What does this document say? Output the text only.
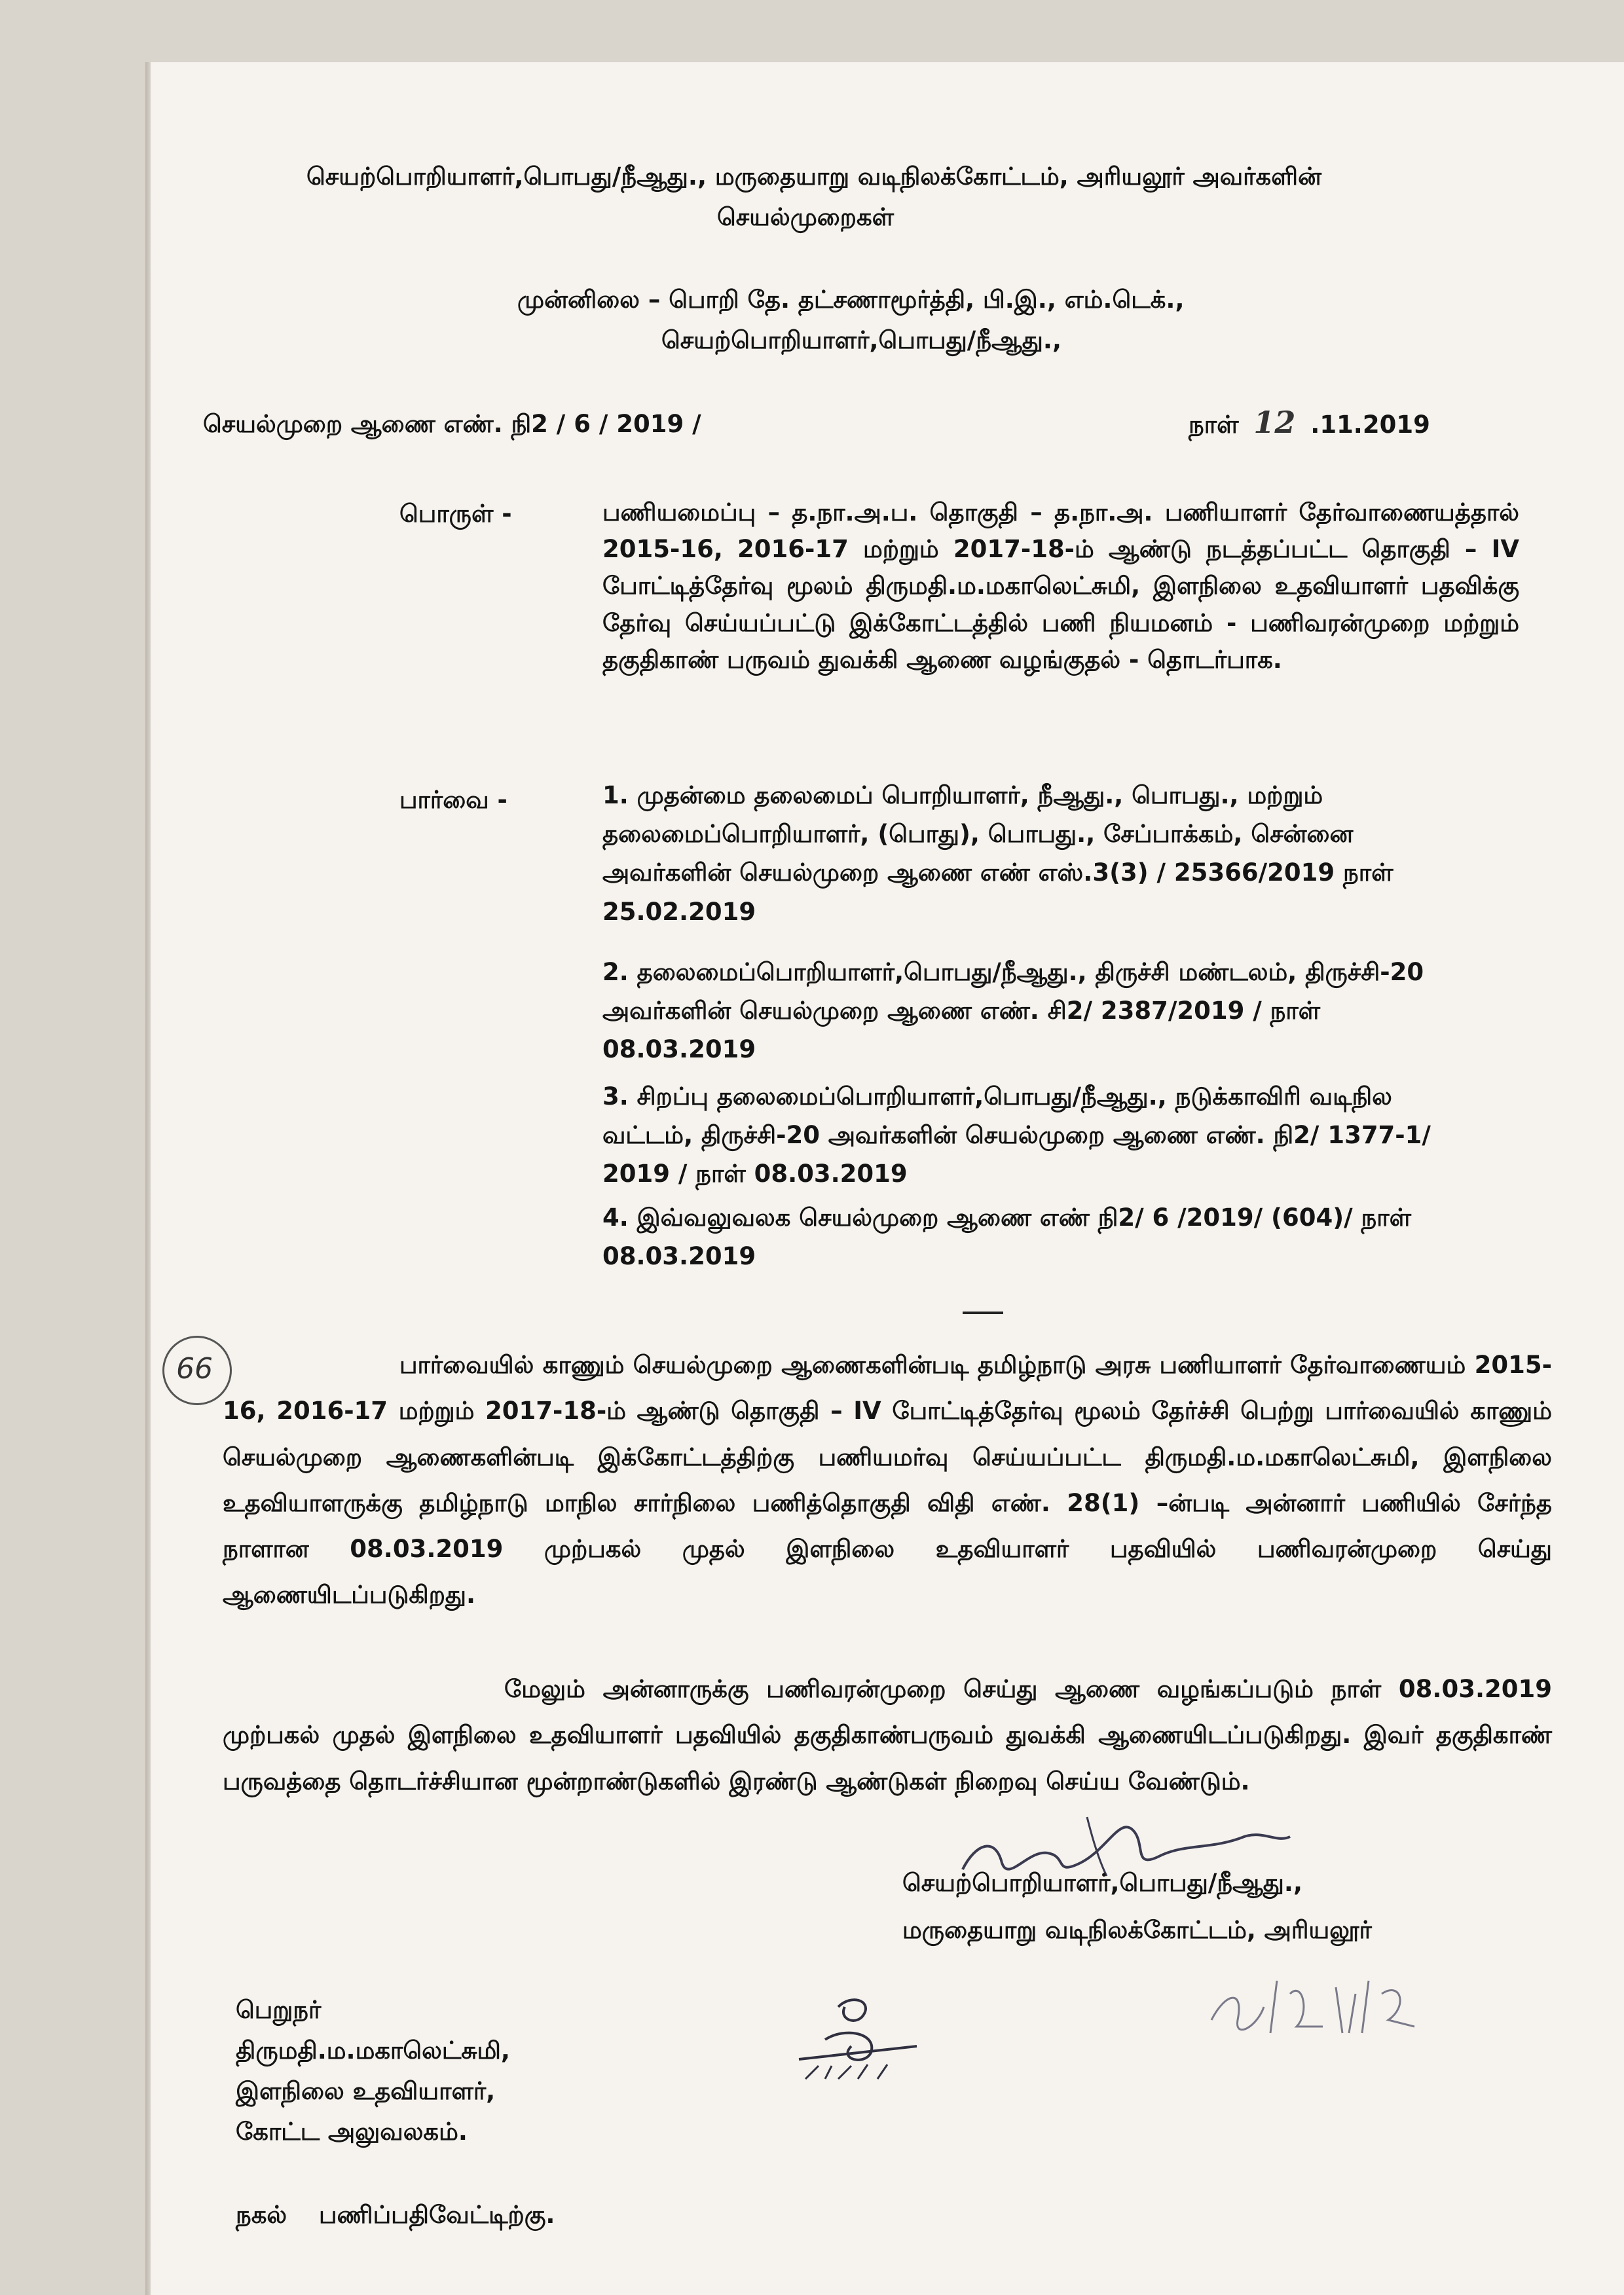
செயற்பொறியாளர்,பொபது/நீஆது., மருதையாறு வடிநிலக்கோட்டம், அரியலூர் அவர்களின்
செயல்முறைகள்
முன்னிலை – பொறி தே. தட்சணாமூர்த்தி, பி.இ., எம்.டெக்.,
செயற்பொறியாளர்,பொபது/நீஆது.,
செயல்முறை ஆணை எண். நி2 / 6 / 2019 /	நாள் 12 .11.2019
பொருள் -	பணியமைப்பு – த.நா.அ.ப. தொகுதி – த.நா.அ. பணியாளர் தேர்வாணையத்தால் 2015-16, 2016-17 மற்றும் 2017-18-ம் ஆண்டு நடத்தப்பட்ட தொகுதி – IV போட்டித்தேர்வு மூலம் திருமதி.ம.மகாலெட்சுமி, இளநிலை உதவியாளர் பதவிக்கு தேர்வு செய்யப்பட்டு இக்கோட்டத்தில் பணி நியமனம் - பணிவரன்முறை மற்றும் தகுதிகாண் பருவம் துவக்கி ஆணை வழங்குதல் - தொடர்பாக.
பார்வை -	1. முதன்மை தலைமைப் பொறியாளர், நீஆது., பொபது., மற்றும் தலைமைப்பொறியாளர், (பொது), பொபது., சேப்பாக்கம், சென்னை அவர்களின் செயல்முறை ஆணை எண் எஸ்.3(3) / 25366/2019 நாள் 25.02.2019
2. தலைமைப்பொறியாளர்,பொபது/நீஆது., திருச்சி மண்டலம், திருச்சி-20 அவர்களின் செயல்முறை ஆணை எண். சி2/ 2387/2019 / நாள் 08.03.2019
3. சிறப்பு தலைமைப்பொறியாளர்,பொபது/நீஆது., நடுக்காவிரி வடிநில வட்டம், திருச்சி-20 அவர்களின் செயல்முறை ஆணை எண். நி2/ 1377-1/ 2019 / நாள் 08.03.2019
4. இவ்வலுவலக செயல்முறை ஆணை எண் நி2/ 6 /2019/ (604)/ நாள் 08.03.2019
66	பார்வையில் காணும் செயல்முறை ஆணைகளின்படி தமிழ்நாடு அரசு பணியாளர் தேர்வாணையம் 2015-16, 2016-17 மற்றும் 2017-18-ம் ஆண்டு தொகுதி – IV போட்டித்தேர்வு மூலம் தேர்ச்சி பெற்று பார்வையில் காணும் செயல்முறை ஆணைகளின்படி இக்கோட்டத்திற்கு பணியமர்வு செய்யப்பட்ட திருமதி.ம.மகாலெட்சுமி, இளநிலை உதவியாளருக்கு தமிழ்நாடு மாநில சார்நிலை பணித்தொகுதி விதி எண். 28(1) –ன்படி அன்னார் பணியில் சேர்ந்த நாளான 08.03.2019 முற்பகல் முதல் இளநிலை உதவியாளர் பதவியில் பணிவரன்முறை செய்து ஆணையிடப்படுகிறது.
மேலும் அன்னாருக்கு பணிவரன்முறை செய்து ஆணை வழங்கப்படும் நாள் 08.03.2019 முற்பகல் முதல் இளநிலை உதவியாளர் பதவியில் தகுதிகாண்பருவம் துவக்கி ஆணையிடப்படுகிறது. இவர் தகுதிகாண் பருவத்தை தொடர்ச்சியான மூன்றாண்டுகளில் இரண்டு ஆண்டுகள் நிறைவு செய்ய வேண்டும்.
செயற்பொறியாளர்,பொபது/நீஆது.,
மருதையாறு வடிநிலக்கோட்டம், அரியலூர்
பெறுநர்
திருமதி.ம.மகாலெட்சுமி,
இளநிலை உதவியாளர்,
கோட்ட அலுவலகம்.
நகல் பணிப்பதிவேட்டிற்கு.
